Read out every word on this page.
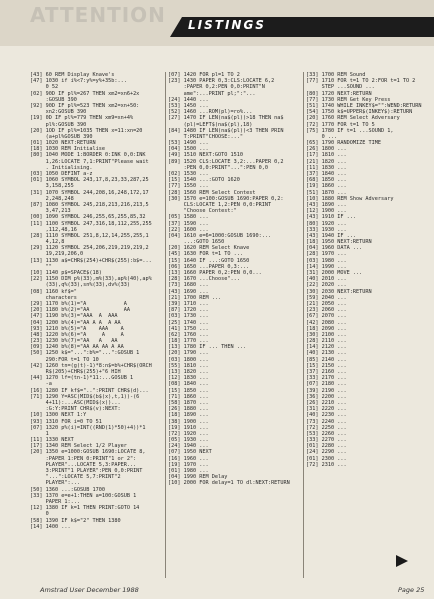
ATTENTION	LISTINGS
[43] 60 REM Display Knave's
[47] 1030 if i%<7:y%=y%+35b:...
0 52
[02] 90D IF pl%=267 THEN xm2=xn6+2x
:GOSUB 390
[92] 90D IF pl%=523 THEN xm2=xn+50:
xn2:GOSUB 390
[19] 0D IF pl%=779 THEN xm9=xn+4%
pl%:GOSUB 390
[20] 1OD IF pl%=1035 THEN x=11:xn=20
(a+pl%GOSUB 390
[01] 1020 NEXT:RETURN
[18] 1030 REM Initialise
[80] 1040 MODE 1:BORDER 0:INK 0,0:INK
1,26:LOCATE 7,1:PRINT"Please wait
. Initialising.
[03] 1050 DEFINT a-z
[01] 1060 SYMBOL 243,17,8,23,33,287,25
3,158,255
[31] 1070 SYMBOL 244,208,16,248,172,17
2,248,248
[87] 1080 SYMBOL 245,218,213,216,213,5
3,47,213
[00] 1090 SYMBOL 246,255,65,255,85,32
[11] 1100 SYMBOL 247,316,18,112,255,255
,112,48,16
[28] 1110 SYMBOL 251,8,12,14,255,255,1
4,12,8
[29] 1120 SYMBOL 254,206,219,219,219,2
19,219,206,0
[13] 1130 a$=CHR$(254)+CHR$(255):b$=...
""
[10] 1140 p$=SPACE$(18)
[22] 1150 DIM p%(33),m%(33),ap%(40),ap%
(33),q%(33),sn%(33),dv%(33)
[08] 1160 kf$="
characters
[29] 1170 b%(1)="A            A
[20] 1180 b%(2)="AA           AA
[47] 1190 b%(3)="AAA  A  AAA
[04] 1200 b%(4)="AA A A  A AA
[93] 1210 b%(5)="A    AAA    A
[48] 1220 b%(6)="A     A     A
[23] 1230 b%(7)="AA   A   AA
[09] 1240 b%(8)="AA AA AA A AA
[50] 1250 k$="...":b%="...":GOSUB 1
290:FOR t=1 TO 10
[42] 1260 tn=(g(t)-1)*8:n$=b%+CHR$(ORCH
R$(205)+CHR$(255)+"6 HIH
[44] 1270 lf=(tn-1)*11:...GOSUB 1
-a
[16] 1280 IF kf$="..":PRINT CHR$(d)...
[71] 1290 Y=ASC(MID$(b$(x),t,1))-(6
4+11):...ASC(MID$(x))...
:G:Y:PRINT CHR$(v):NEXT:
[10] 1300 NEXT 1:Y
[93] 1310 FOR i=0 TO 51
[07] 1320 p%(i)=INT((RND(1)*50)+4))*1
1
[11] 1330 NEXT
[17] 1340 REM Select 1/2 Player
[20] 1350 e=1000:GOSUB 1690:LOCATE 8,
:PAPER 1:PEN 0:PRINT"1 or 2":
PLAYER"...LOCATE 5,3:PAPER...
3:PRINT"1 PLAYER":PEN 0,0:PRINT
"...":LOCATE 5,7:PRINT"2
PLAYER":...
[50] 1360 ...:GOSUB 1700
[33] 1370 e=e+1:THEN a=100:GOSUB 1
PAPER 1:...
[12] 1380 IF k=1 THEN PRINT:GOTO 14
0
[58] 1390 IF k$="2" THEN 1380
[14] 1400 ...
[07] 1420 FOR pl=1 TO 2
[23] 1430 PAPER 0,3:CLS:LOCATE 6,2
:PAPER 0,2:PEN 0,0:PRINT"N
ame":...PRINT pl;":"...
[24] 1440 ...
[53] 1450 ...
[52] 1460 ...ROM(pl)=ro%...
[27] 1470 IF LEN(na$(pl))>18 THEN na$
(pl)=LEFT$(na$(pl),18)
[84] 1480 IF LEN(na$(pl))<3 THEN PRIN
T:PRINT"CHOOSE:..."
[53] 1490 ...
[04] 1500 ...
[49] 1510 NEXT:GOTO 1510
[89] 1520 CLS:LOCATE 3,2:...PAPER 0,2
:PEN 0,0:PRINT"...":PEN 0,0
[02] 1530 ...
[15] 1540 ...:GOTO 1620
[77] 1550 ...
[28] 1560 REM Select Contest
[30] 1570 e=100:GOSUB 1690:PAPER 0,2:
CLS:LOCATE 1,2:PEN 0,0:PRINT
"Choose Contest:"
[05] 1580 ...
[37] 1590 ...
[22] 1600 ...
[04] 1610 e=6=1000:GOSUB 1690:...
...:GOTO 1650
[20] 1620 REM Select Knave
[45] 1630 FOR t=1 TO ...
[15] 1640 IF ...:GOTO 1650
[06] 1650 ...PAPER 0,3:...
[13] 1660 PAPER 0,2:PEN 0,0...
[28] 1670 ...Choose"...
[73] 1680 ...
[43] 1690 ...
[21] 1700 REM ...
[39] 1710 ...
[87] 1720 ...
[03] 1730 ...
[25] 1740 ...
[41] 1750 ...
[62] 1760 ...
[18] 1770 ...
[13] 1780 IF ... THEN ...
[20] 1790 ...
[03] 1800 ...
[55] 1810 ...
[13] 1820 ...
[12] 1830 ...
[08] 1840 ...
[15] 1850 ...
[71] 1860 ...
[58] 1870 ...
[26] 1880 ...
[18] 1890 ...
[38] 1900 ...
[19] 1910 ...
[72] 1920 ...
[05] 1930 ...
[24] 1940 ...
[07] 1950 NEXT
[16] 1960 ...
[19] 1970 ...
[01] 1980 ...
[04] 1990 REM Delay
[10] 2000 FOR delay=1 TO dl:NEXT:RETURN
[33] 1700 REM Sound
[77] 1710 FOR t=1 TO 2:FOR t=1 TO 2
STEP ...SOUND ...
[80] 1720 NEXT:RETURN
[77] 1730 REM Get Key Press
[51] 1740 WHILE INKEY$="":WEND:RETURN
[54] 1750 k$=UPPER$(INKEY$):RETURN
[20] 1760 REM Select Adversary
[72] 1770 FOR t=1 TO 5
[75] 1780 IF t=1 ...SOUND 1,
0 ...
[65] 1790 RANDOMIZE TIME
[26] 1800 ...
[17] 1810 ...
[21] 1820 ...
[11] 1830 ...
[37] 1840 ...
[68] 1850 ...
[19] 1860 ...
[51] 1870 ...
[10] 1880 REM Show Adversary
[43] 1890 ...
[12] 1900 ...
[43] 1910 IF ...
[80] 1920 ...
[33] 1930 ...
[43] 1940 IF ...
[18] 1950 NEXT:RETURN
[04] 1960 DATA ...
[28] 1970 ...
[03] 1980 ...
[14] 1990 ...
[31] 2000 MOVE ...
[40] 2010 ...
[22] 2020 ...
[30] 2030 NEXT:RETURN
[59] 2040 ...
[21] 2050 ...
[23] 2060 ...
[67] 2070 ...
[42] 2080 ...
[18] 2090 ...
[30] 2100 ...
[28] 2110 ...
[14] 2120 ...
[40] 2130 ...
[85] 2140 ...
[15] 2150 ...
[37] 2160 ...
[33] 2170 ...
[07] 2180 ...
[39] 2190 ...
[36] 2200 ...
[26] 2210 ...
[31] 2220 ...
[40] 2230 ...
[73] 2240 ...
[72] 2250 ...
[53] 2260 ...
[33] 2270 ...
[01] 2280 ...
[24] 2290 ...
[01] 2300 ...
[72] 2310 ...
Amstrad User December 1988	Page 25
